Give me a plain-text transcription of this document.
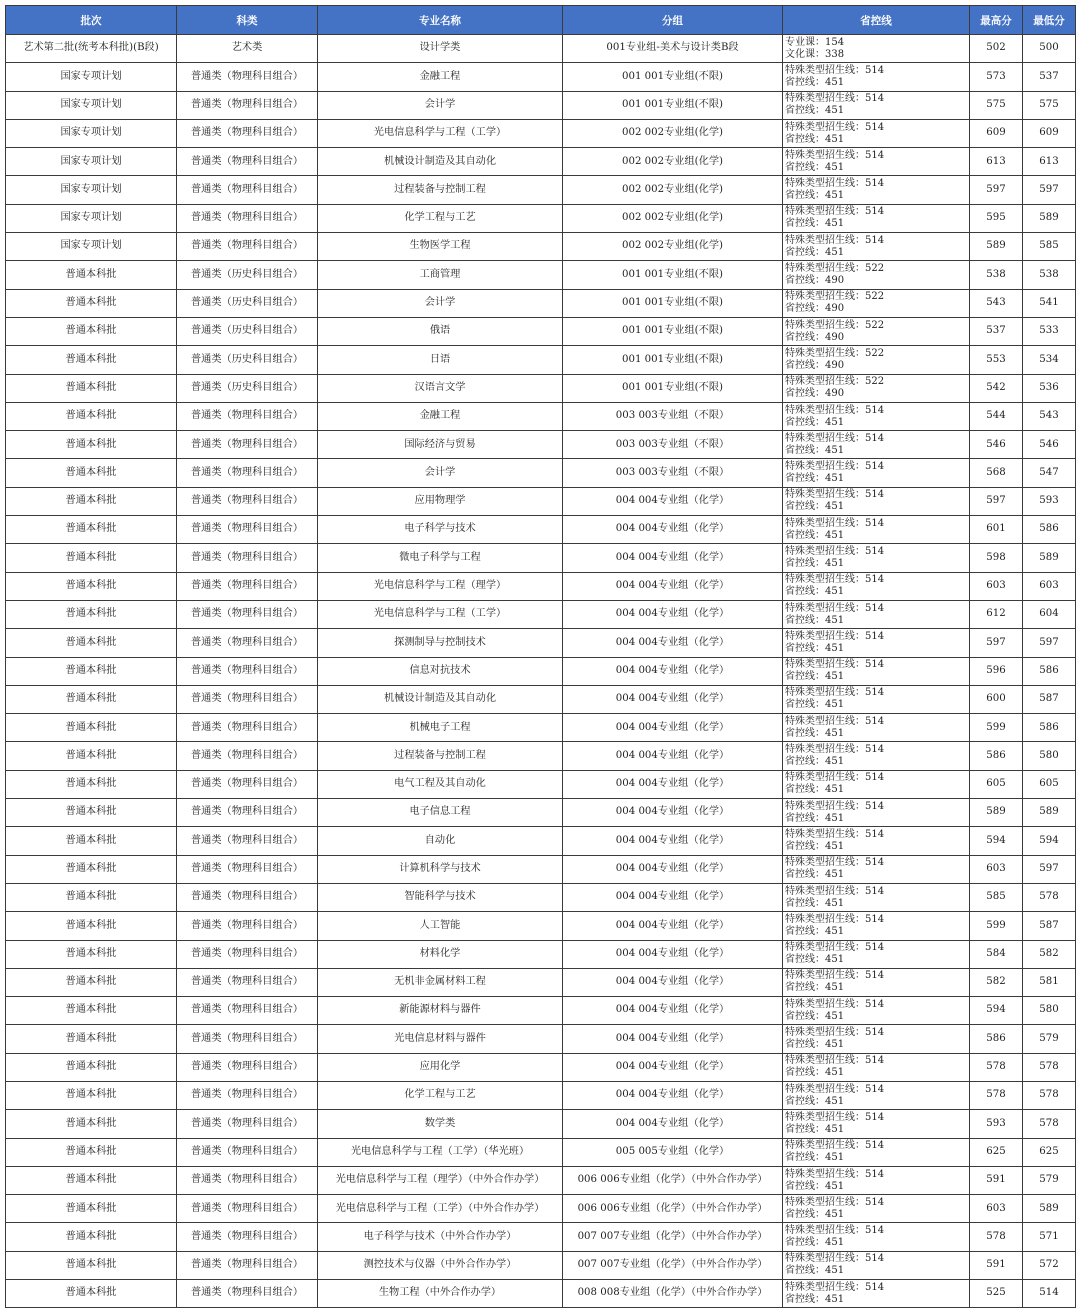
批次	科类	专业名称	分组	省控线	最高分	最低分
艺术第二批(统考本科批)(B段)	艺术类	设计学类	001专业组-美术与设计类B段	专业课：154
文化课：338	502	500
国家专项计划	普通类（物理科目组合）	金融工程	001 001专业组(不限)	特殊类型招生线：514
省控线：451	573	537
国家专项计划	普通类（物理科目组合）	会计学	001 001专业组(不限)	特殊类型招生线：514
省控线：451	575	575
国家专项计划	普通类（物理科目组合）	光电信息科学与工程（工学）	002 002专业组(化学)	特殊类型招生线：514
省控线：451	609	609
国家专项计划	普通类（物理科目组合）	机械设计制造及其自动化	002 002专业组(化学)	特殊类型招生线：514
省控线：451	613	613
国家专项计划	普通类（物理科目组合）	过程装备与控制工程	002 002专业组(化学)	特殊类型招生线：514
省控线：451	597	597
国家专项计划	普通类（物理科目组合）	化学工程与工艺	002 002专业组(化学)	特殊类型招生线：514
省控线：451	595	589
国家专项计划	普通类（物理科目组合）	生物医学工程	002 002专业组(化学)	特殊类型招生线：514
省控线：451	589	585
普通本科批	普通类（历史科目组合）	工商管理	001 001专业组(不限)	特殊类型招生线：522
省控线：490	538	538
普通本科批	普通类（历史科目组合）	会计学	001 001专业组(不限)	特殊类型招生线：522
省控线：490	543	541
普通本科批	普通类（历史科目组合）	俄语	001 001专业组(不限)	特殊类型招生线：522
省控线：490	537	533
普通本科批	普通类（历史科目组合）	日语	001 001专业组(不限)	特殊类型招生线：522
省控线：490	553	534
普通本科批	普通类（历史科目组合）	汉语言文学	001 001专业组(不限)	特殊类型招生线：522
省控线：490	542	536
普通本科批	普通类（物理科目组合）	金融工程	003 003专业组（不限）	特殊类型招生线：514
省控线：451	544	543
普通本科批	普通类（物理科目组合）	国际经济与贸易	003 003专业组（不限）	特殊类型招生线：514
省控线：451	546	546
普通本科批	普通类（物理科目组合）	会计学	003 003专业组（不限）	特殊类型招生线：514
省控线：451	568	547
普通本科批	普通类（物理科目组合）	应用物理学	004 004专业组（化学）	特殊类型招生线：514
省控线：451	597	593
普通本科批	普通类（物理科目组合）	电子科学与技术	004 004专业组（化学）	特殊类型招生线：514
省控线：451	601	586
普通本科批	普通类（物理科目组合）	微电子科学与工程	004 004专业组（化学）	特殊类型招生线：514
省控线：451	598	589
普通本科批	普通类（物理科目组合）	光电信息科学与工程（理学）	004 004专业组（化学）	特殊类型招生线：514
省控线：451	603	603
普通本科批	普通类（物理科目组合）	光电信息科学与工程（工学）	004 004专业组（化学）	特殊类型招生线：514
省控线：451	612	604
普通本科批	普通类（物理科目组合）	探测制导与控制技术	004 004专业组（化学）	特殊类型招生线：514
省控线：451	597	597
普通本科批	普通类（物理科目组合）	信息对抗技术	004 004专业组（化学）	特殊类型招生线：514
省控线：451	596	586
普通本科批	普通类（物理科目组合）	机械设计制造及其自动化	004 004专业组（化学）	特殊类型招生线：514
省控线：451	600	587
普通本科批	普通类（物理科目组合）	机械电子工程	004 004专业组（化学）	特殊类型招生线：514
省控线：451	599	586
普通本科批	普通类（物理科目组合）	过程装备与控制工程	004 004专业组（化学）	特殊类型招生线：514
省控线：451	586	580
普通本科批	普通类（物理科目组合）	电气工程及其自动化	004 004专业组（化学）	特殊类型招生线：514
省控线：451	605	605
普通本科批	普通类（物理科目组合）	电子信息工程	004 004专业组（化学）	特殊类型招生线：514
省控线：451	589	589
普通本科批	普通类（物理科目组合）	自动化	004 004专业组（化学）	特殊类型招生线：514
省控线：451	594	594
普通本科批	普通类（物理科目组合）	计算机科学与技术	004 004专业组（化学）	特殊类型招生线：514
省控线：451	603	597
普通本科批	普通类（物理科目组合）	智能科学与技术	004 004专业组（化学）	特殊类型招生线：514
省控线：451	585	578
普通本科批	普通类（物理科目组合）	人工智能	004 004专业组（化学）	特殊类型招生线：514
省控线：451	599	587
普通本科批	普通类（物理科目组合）	材料化学	004 004专业组（化学）	特殊类型招生线：514
省控线：451	584	582
普通本科批	普通类（物理科目组合）	无机非金属材料工程	004 004专业组（化学）	特殊类型招生线：514
省控线：451	582	581
普通本科批	普通类（物理科目组合）	新能源材料与器件	004 004专业组（化学）	特殊类型招生线：514
省控线：451	594	580
普通本科批	普通类（物理科目组合）	光电信息材料与器件	004 004专业组（化学）	特殊类型招生线：514
省控线：451	586	579
普通本科批	普通类（物理科目组合）	应用化学	004 004专业组（化学）	特殊类型招生线：514
省控线：451	578	578
普通本科批	普通类（物理科目组合）	化学工程与工艺	004 004专业组（化学）	特殊类型招生线：514
省控线：451	578	578
普通本科批	普通类（物理科目组合）	数学类	004 004专业组（化学）	特殊类型招生线：514
省控线：451	593	578
普通本科批	普通类（物理科目组合）	光电信息科学与工程（工学）（华光班）	005 005专业组（化学）	特殊类型招生线：514
省控线：451	625	625
普通本科批	普通类（物理科目组合）	光电信息科学与工程（理学）（中外合作办学）	006 006专业组（化学）（中外合作办学）	特殊类型招生线：514
省控线：451	591	579
普通本科批	普通类（物理科目组合）	光电信息科学与工程（工学）（中外合作办学）	006 006专业组（化学）（中外合作办学）	特殊类型招生线：514
省控线：451	603	589
普通本科批	普通类（物理科目组合）	电子科学与技术（中外合作办学）	007 007专业组（化学）（中外合作办学）	特殊类型招生线：514
省控线：451	578	571
普通本科批	普通类（物理科目组合）	测控技术与仪器（中外合作办学）	007 007专业组（化学）（中外合作办学）	特殊类型招生线：514
省控线：451	591	572
普通本科批	普通类（物理科目组合）	生物工程（中外合作办学）	008 008专业组（化学）（中外合作办学）	特殊类型招生线：514
省控线：451	525	514
